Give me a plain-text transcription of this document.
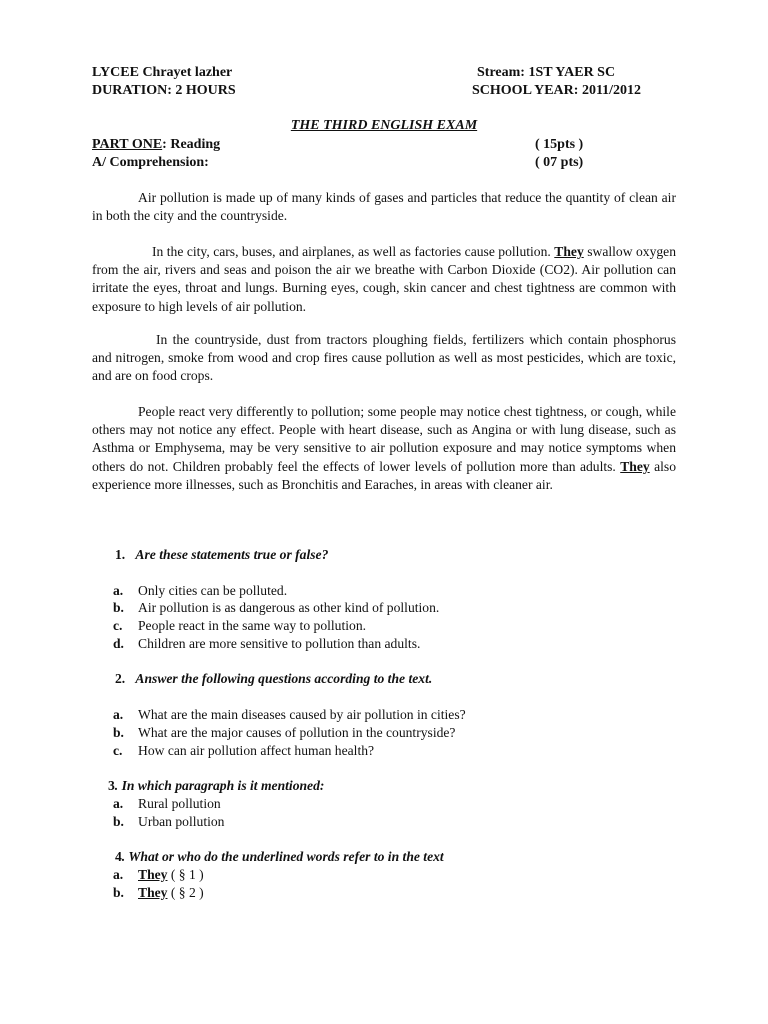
LYCEE Chrayet lazher	Stream: 1ST YAER SC
DURATION: 2 HOURS	SCHOOL YEAR: 2011/2012
THE THIRD ENGLISH EXAM
PART ONE: Reading	( 15pts )
A/ Comprehension:	( 07 pts)

Air pollution is made up of many kinds of gases and particles that reduce the quantity of clean air in both the city and the countryside.

In the city, cars, buses, and airplanes, as well as factories cause pollution. They swallow oxygen from the air, rivers and seas and poison the air we breathe with Carbon Dioxide (CO2). Air pollution can irritate the eyes, throat and lungs. Burning eyes, cough, skin cancer and chest tightness are common with exposure to high levels of air pollution.

In the countryside, dust from tractors ploughing fields, fertilizers which contain phosphorus and nitrogen, smoke from wood and crop fires cause pollution as well as most pesticides, which are toxic, and are on food crops.

People react very differently to pollution; some people may notice chest tightness, or cough, while others may not notice any effect. People with heart disease, such as Angina or with lung disease, such as Asthma or Emphysema, may be very sensitive to air pollution exposure and may notice symptoms when others do not. Children probably feel the effects of lower levels of pollution more than adults. They also experience more illnesses, such as Bronchitis and Earaches, in areas with cleaner air.

1. Are these statements true or false?
a. Only cities can be polluted.
b. Air pollution is as dangerous as other kind of pollution.
c. People react in the same way to pollution.
d. Children are more sensitive to pollution than adults.
2. Answer the following questions according to the text.
a. What are the main diseases caused by air pollution in cities?
b. What are the major causes of pollution in the countryside?
c. How can air pollution affect human health?
3. In which paragraph is it mentioned:
a. Rural pollution
b. Urban pollution
4. What or who do the underlined words refer to in the text
a. They ( § 1 )
b. They ( § 2 )
